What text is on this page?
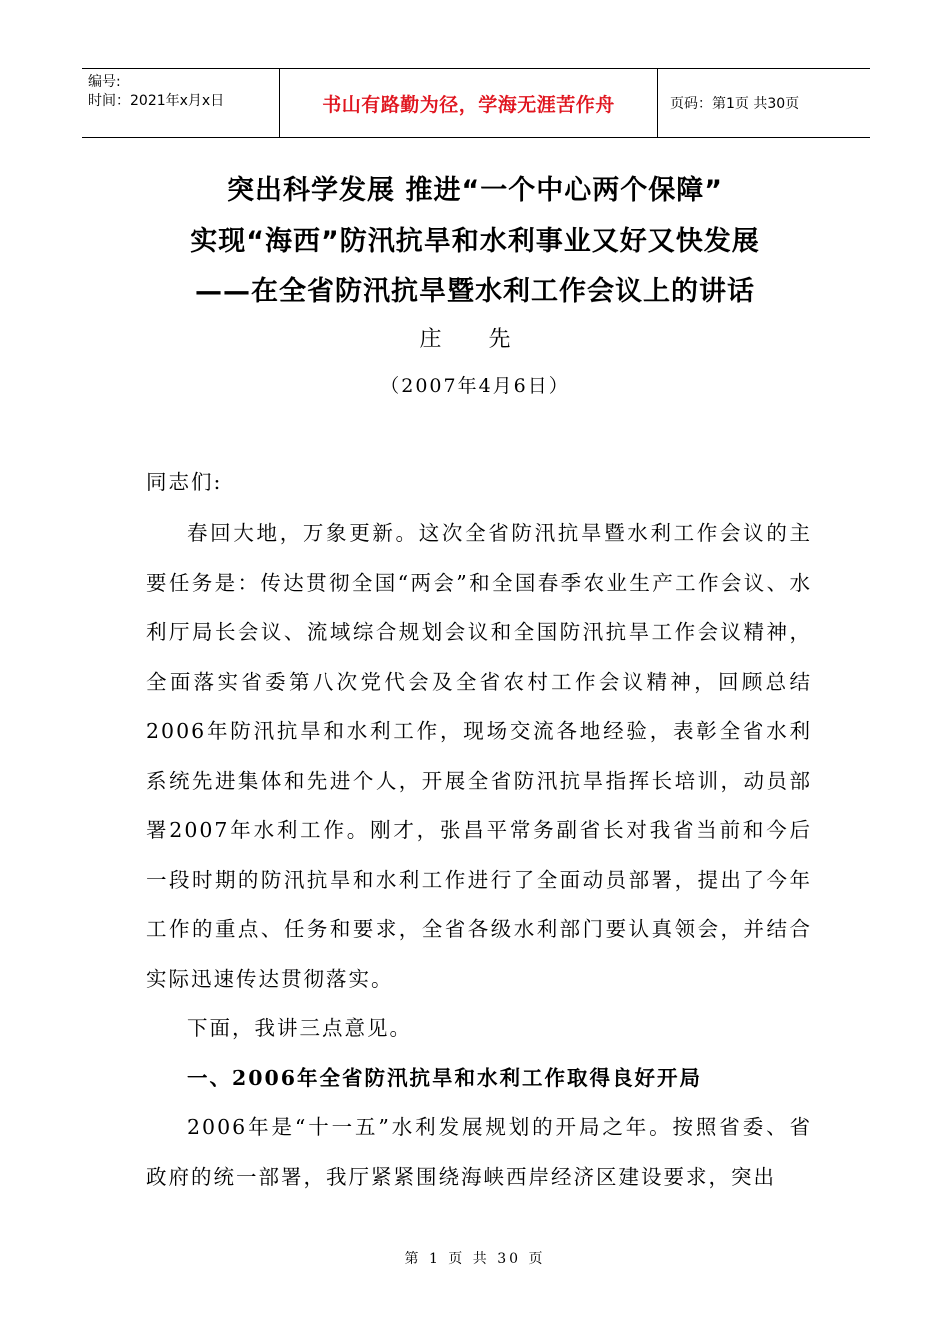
编号:
时间：2021年x月x日	书山有路勤为径，学海无涯苦作舟	页码：第1页 共30页
突出科学发展 推进“一个中心两个保障”
实现“海西”防汛抗旱和水利事业又好又快发展
——在全省防汛抗旱暨水利工作会议上的讲话
庄 先
（2007年4月6日）
同志们:

春回大地，万象更新。这次全省防汛抗旱暨水利工作会议的主要任务是：传达贯彻全国“两会”和全国春季农业生产工作会议、水利厅局长会议、流域综合规划会议和全国防汛抗旱工作会议精神，全面落实省委第八次党代会及全省农村工作会议精神，回顾总结2006年防汛抗旱和水利工作，现场交流各地经验，表彰全省水利系统先进集体和先进个人，开展全省防汛抗旱指挥长培训，动员部署2007年水利工作。刚才，张昌平常务副省长对我省当前和今后一段时期的防汛抗旱和水利工作进行了全面动员部署，提出了今年工作的重点、任务和要求，全省各级水利部门要认真领会，并结合实际迅速传达贯彻落实。

下面，我讲三点意见。

一、2006年全省防汛抗旱和水利工作取得良好开局

2006年是“十一五”水利发展规划的开局之年。按照省委、省政府的统一部署，我厅紧紧围绕海峡西岸经济区建设要求，突出

第 1 页 共 30 页
